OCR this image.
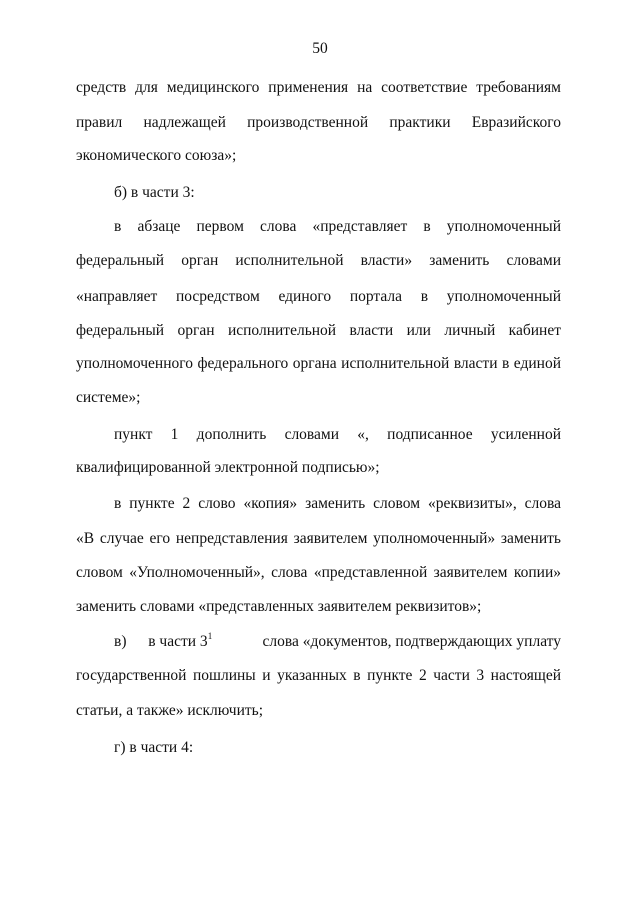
50
средств для медицинского применения на соответствие требованиям
правил надлежащей производственной практики Евразийского
экономического союза»;
б) в части 3:
в абзаце первом слова «представляет в уполномоченный
федеральный орган исполнительной власти» заменить словами
«направляет посредством единого портала в уполномоченный
федеральный орган исполнительной власти или личный кабинет
уполномоченного федерального органа исполнительной власти в единой
системе»;
пункт 1 дополнить словами «, подписанное усиленной
квалифицированной электронной подписью»;
в пункте 2 слово «копия» заменить словом «реквизиты», слова
«В случае его непредставления заявителем уполномоченный» заменить
словом «Уполномоченный», слова «представленной заявителем копии»
заменить словами «представленных заявителем реквизитов»;
в) в части $3^1$	слова «документов, подтверждающих уплату
государственной пошлины и указанных в пункте 2 части 3 настоящей
статьи, а также» исключить;
г) в части 4:
